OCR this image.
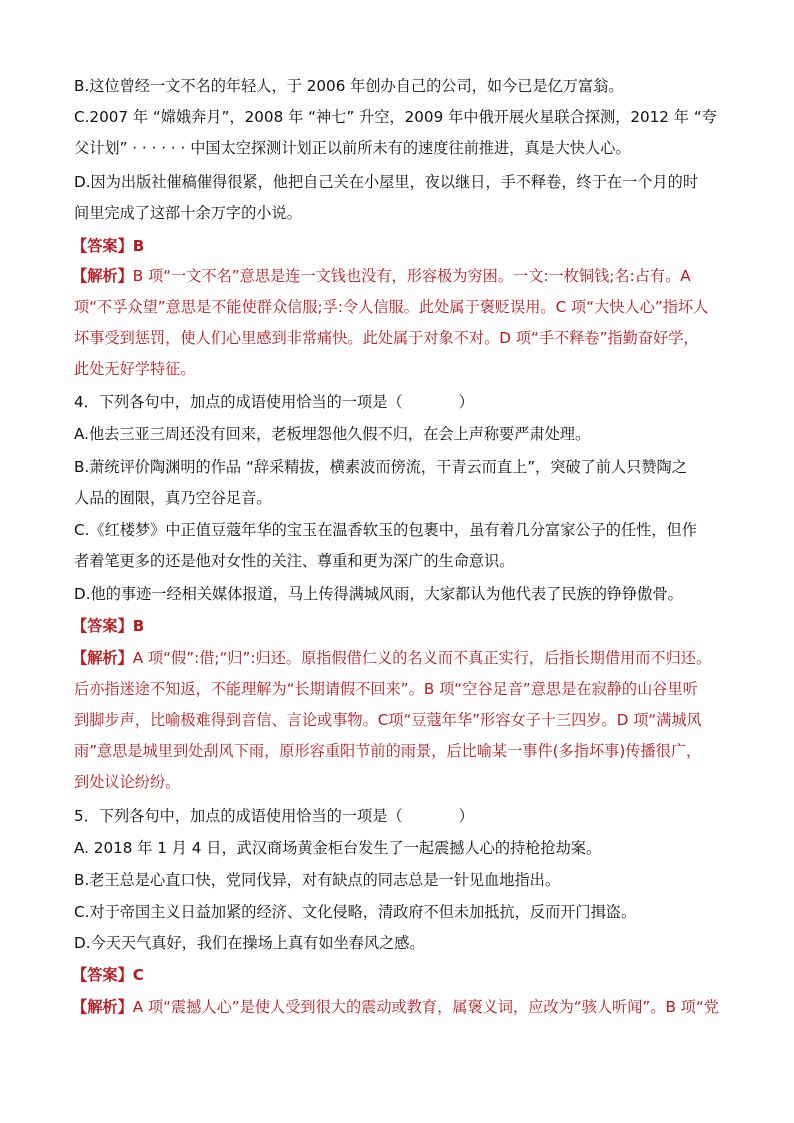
B.这位曾经一文不名的年轻人，于 2006 年创办自己的公司，如今已是亿万富翁。
C.2007 年 “嫦娥奔月”，2008 年 “神七” 升空，2009 年中俄开展火星联合探测，2012 年 “夸
父计划” · · · · · · 中国太空探测计划正以前所未有的速度往前推进，真是大快人心。
D.因为出版社催稿催得很紧，他把自己关在小屋里，夜以继日，手不释卷，终于在一个月的时
间里完成了这部十余万字的小说。
【答案】B
【解析】B 项“一文不名”意思是连一文钱也没有，形容极为穷困。一文:一枚铜钱;名:占有。A
项“不孚众望”意思是不能使群众信服;孚:令人信服。此处属于褒贬误用。C 项“大快人心”指坏人
坏事受到惩罚，使人们心里感到非常痛快。此处属于对象不对。D 项“手不释卷”指勤奋好学，
此处无好学特征。
4．下列各句中，加点的成语使用恰当的一项是（	）
A.他去三亚三周还没有回来，老板埋怨他久假不归，在会上声称要严肃处理。
B.萧统评价陶渊明的作品 “辞采精拔，横素波而傍流，干青云而直上”，突破了前人只赞陶之
人品的囿限，真乃空谷足音。
C.《红楼梦》中正值豆蔻年华的宝玉在温香软玉的包裹中，虽有着几分富家公子的任性，但作
者着笔更多的还是他对女性的关注、尊重和更为深广的生命意识。
D.他的事迹一经相关媒体报道，马上传得满城风雨，大家都认为他代表了民族的铮铮傲骨。
【答案】B
【解析】A 项“假”:借;“归”:归还。原指假借仁义的名义而不真正实行，后指长期借用而不归还。
后亦指迷途不知返，不能理解为“长期请假不回来”。B 项“空谷足音”意思是在寂静的山谷里听
到脚步声，比喻极难得到音信、言论或事物。C项“豆蔻年华”形容女子十三四岁。D 项“满城风
雨”意思是城里到处刮风下雨，原形容重阳节前的雨景，后比喻某一事件(多指坏事)传播很广，
到处议论纷纷。
5．下列各句中，加点的成语使用恰当的一项是（	）
A. 2018 年 1 月 4 日，武汉商场黄金柜台发生了一起震撼人心的持枪抢劫案。
B.老王总是心直口快，党同伐异，对有缺点的同志总是一针见血地指出。
C.对于帝国主义日益加紧的经济、文化侵略，清政府不但未加抵抗，反而开门揖盗。
D.今天天气真好，我们在操场上真有如坐春风之感。
【答案】C
【解析】A 项“震撼人心”是使人受到很大的震动或教育，属褒义词，应改为“骇人听闻”。B 项“党
